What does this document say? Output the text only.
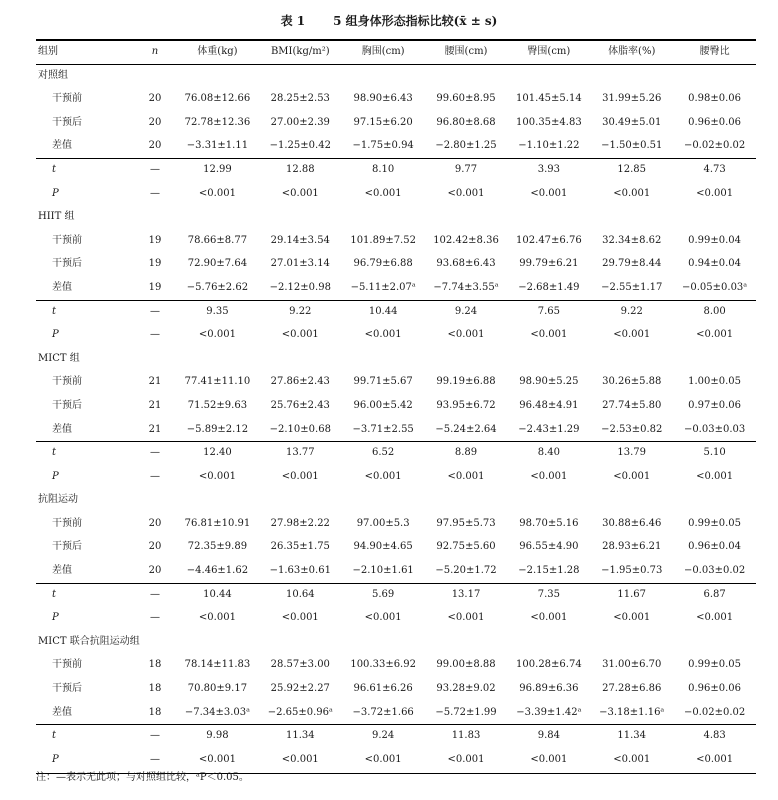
表 1 5 组身体形态指标比较(x̄ ± s)
组别	n	体重(kg)	BMI(kg/m²)	胸围(cm)	腰围(cm)	臀围(cm)	体脂率(%)	腰臀比
对照组								
干预前	20	76.08±12.66	28.25±2.53	98.90±6.43	99.60±8.95	101.45±5.14	31.99±5.26	0.98±0.06
干预后	20	72.78±12.36	27.00±2.39	97.15±6.20	96.80±8.68	100.35±4.83	30.49±5.01	0.96±0.06
差值	20	−3.31±1.11	−1.25±0.42	−1.75±0.94	−2.80±1.25	−1.10±1.22	−1.50±0.51	−0.02±0.02
t	—	12.99	12.88	8.10	9.77	3.93	12.85	4.73
P	—	<0.001	<0.001	<0.001	<0.001	<0.001	<0.001	<0.001
HIIT 组								
干预前	19	78.66±8.77	29.14±3.54	101.89±7.52	102.42±8.36	102.47±6.76	32.34±8.62	0.99±0.04
干预后	19	72.90±7.64	27.01±3.14	96.79±6.88	93.68±6.43	99.79±6.21	29.79±8.44	0.94±0.04
差值	19	−5.76±2.62	−2.12±0.98	−5.11±2.07ᵃ	−7.74±3.55ᵃ	−2.68±1.49	−2.55±1.17	−0.05±0.03ᵃ
t	—	9.35	9.22	10.44	9.24	7.65	9.22	8.00
P	—	<0.001	<0.001	<0.001	<0.001	<0.001	<0.001	<0.001
MICT 组								
干预前	21	77.41±11.10	27.86±2.43	99.71±5.67	99.19±6.88	98.90±5.25	30.26±5.88	1.00±0.05
干预后	21	71.52±9.63	25.76±2.43	96.00±5.42	93.95±6.72	96.48±4.91	27.74±5.80	0.97±0.06
差值	21	−5.89±2.12	−2.10±0.68	−3.71±2.55	−5.24±2.64	−2.43±1.29	−2.53±0.82	−0.03±0.03
t	—	12.40	13.77	6.52	8.89	8.40	13.79	5.10
P	—	<0.001	<0.001	<0.001	<0.001	<0.001	<0.001	<0.001
抗阻运动								
干预前	20	76.81±10.91	27.98±2.22	97.00±5.3	97.95±5.73	98.70±5.16	30.88±6.46	0.99±0.05
干预后	20	72.35±9.89	26.35±1.75	94.90±4.65	92.75±5.60	96.55±4.90	28.93±6.21	0.96±0.04
差值	20	−4.46±1.62	−1.63±0.61	−2.10±1.61	−5.20±1.72	−2.15±1.28	−1.95±0.73	−0.03±0.02
t	—	10.44	10.64	5.69	13.17	7.35	11.67	6.87
P	—	<0.001	<0.001	<0.001	<0.001	<0.001	<0.001	<0.001
MICT 联合抗阻运动组								
干预前	18	78.14±11.83	28.57±3.00	100.33±6.92	99.00±8.88	100.28±6.74	31.00±6.70	0.99±0.05
干预后	18	70.80±9.17	25.92±2.27	96.61±6.26	93.28±9.02	96.89±6.36	27.28±6.86	0.96±0.06
差值	18	−7.34±3.03ᵃ	−2.65±0.96ᵃ	−3.72±1.66	−5.72±1.99	−3.39±1.42ᵃ	−3.18±1.16ᵃ	−0.02±0.02
t	—	9.98	11.34	9.24	11.83	9.84	11.34	4.83
P	—	<0.001	<0.001	<0.001	<0.001	<0.001	<0.001	<0.001
注：—表示无此项；与对照组比较，ᵃP＜0.05。
